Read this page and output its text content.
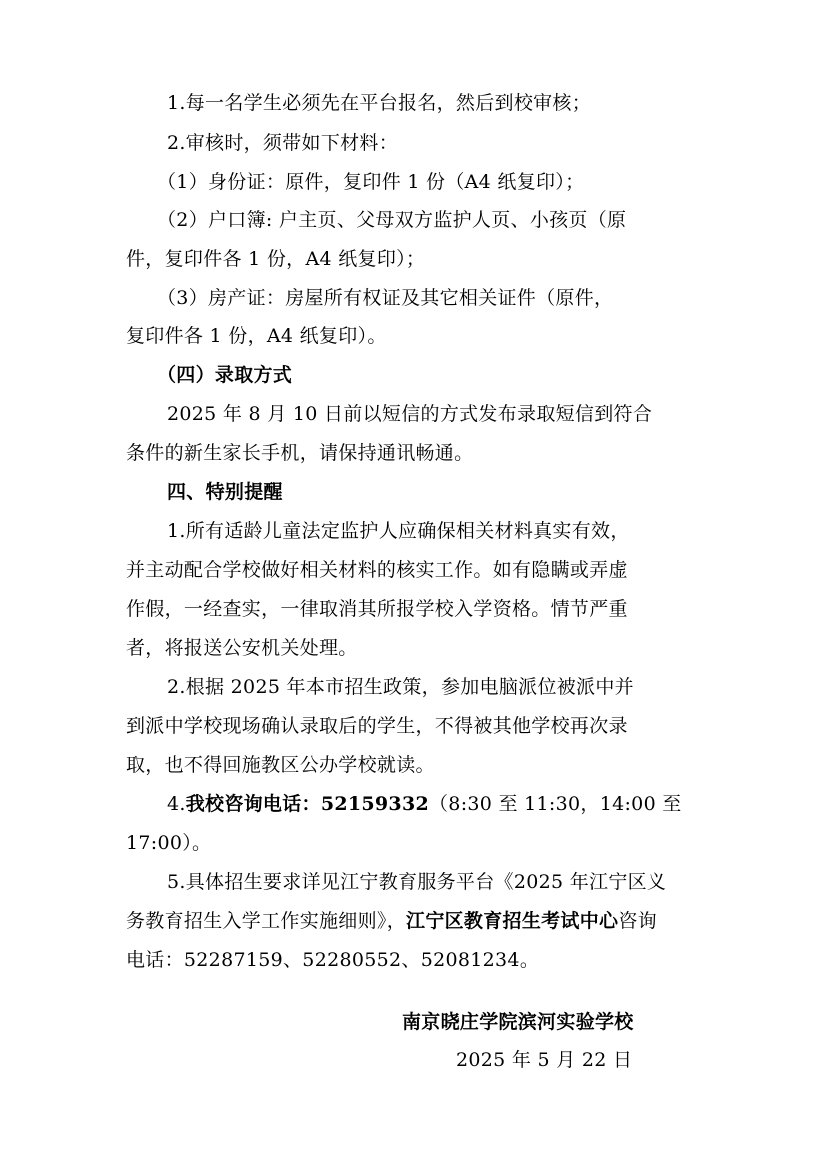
1.每一名学生必须先在平台报名，然后到校审核；
2.审核时，须带如下材料：
（1）身份证：原件，复印件 1 份（A4 纸复印）；
（2）户口簿: 户主页、父母双方监护人页、小孩页（原
件，复印件各 1 份，A4 纸复印）；
（3）房产证：房屋所有权证及其它相关证件（原件，
复印件各 1 份，A4 纸复印）。
（四）录取方式
2025 年 8 月 10 日前以短信的方式发布录取短信到符合
条件的新生家长手机，请保持通讯畅通。
四、特别提醒
1.所有适龄儿童法定监护人应确保相关材料真实有效，
并主动配合学校做好相关材料的核实工作。如有隐瞒或弄虚
作假，一经查实，一律取消其所报学校入学资格。情节严重
者，将报送公安机关处理。
2.根据 2025 年本市招生政策，参加电脑派位被派中并
到派中学校现场确认录取后的学生，不得被其他学校再次录
取，也不得回施教区公办学校就读。
4.我校咨询电话：52159332（8:30 至 11:30，14:00 至
17:00）。
5.具体招生要求详见江宁教育服务平台《2025 年江宁区义
务教育招生入学工作实施细则》，江宁区教育招生考试中心咨询
电话：52287159、52280552、52081234。
南京晓庄学院滨河实验学校
2025 年 5 月 22 日
